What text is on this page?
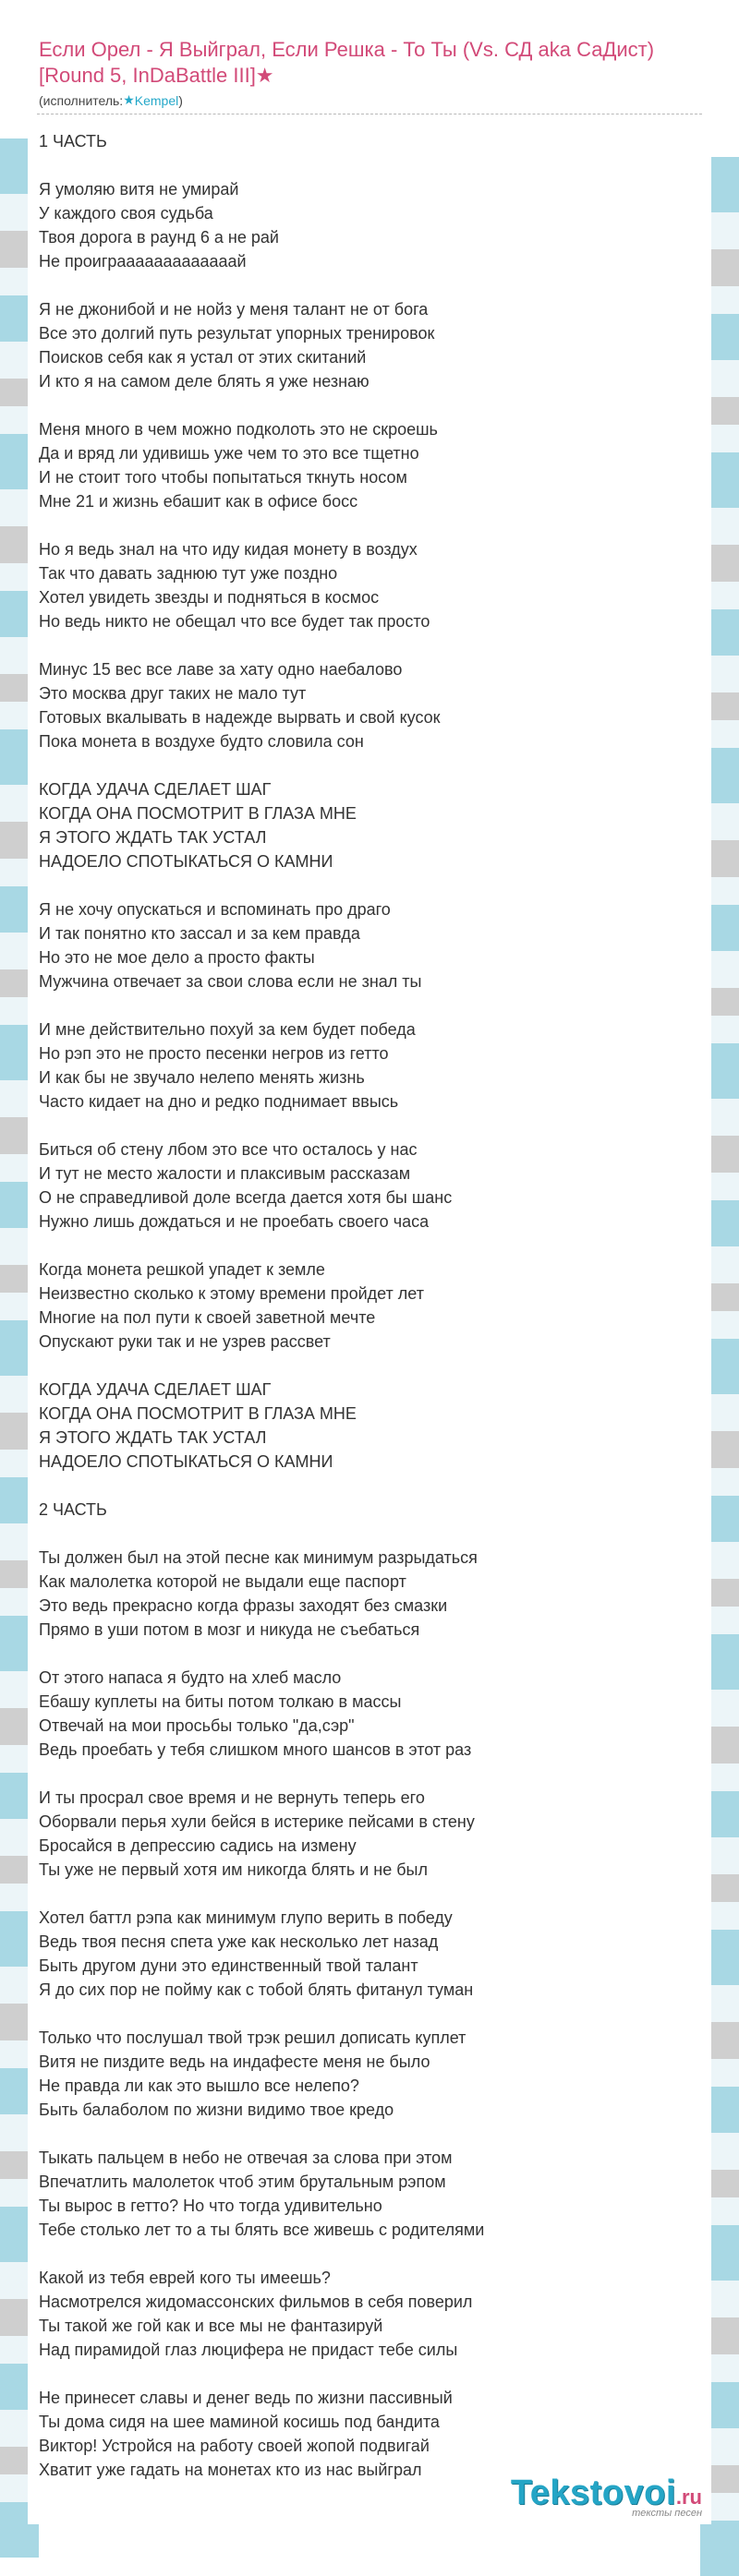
Если Орел - Я Выйграл, Если Решка - То Ты (Vs. СД aka СаДист) [Round 5, InDaBattle III]★
(исполнитель: ★ Kempel )
1 ЧАСТЬ
Я умоляю витя не умирай
У каждого своя судьба
Твоя дорога в раунд 6 а не рай
Не проиграаааааааааааай
Я не джонибой и не нойз у меня талант не от бога
Все это долгий путь результат упорных тренировок
Поисков себя как я устал от этих скитаний
И кто я на самом деле блять я уже незнаю
Меня много в чем можно подколоть это не скроешь
Да и вряд ли удивишь уже чем то это все тщетно
И не стоит того чтобы попытаться ткнуть носом
Мне 21 и жизнь ебашит как в офисе босс
Но я ведь знал на что иду кидая монету в воздух
Так что давать заднюю тут уже поздно
Хотел увидеть звезды и подняться в космос
Но ведь никто не обещал что все будет так просто
Минус 15 вес все лаве за хату одно наебалово
Это москва друг таких не мало тут
Готовых вкалывать в надежде вырвать и свой кусок
Пока монета в воздухе будто словила сон
КОГДА УДАЧА СДЕЛАЕТ ШАГ
КОГДА ОНА ПОСМОТРИТ В ГЛАЗА МНЕ
Я ЭТОГО ЖДАТЬ ТАК УСТАЛ
НАДОЕЛО СПОТЫКАТЬСЯ О КАМНИ
Я не хочу опускаться и вспоминать про драго
И так понятно кто зассал и за кем правда
Но это не мое дело а просто факты
Мужчина отвечает за свои слова если не знал ты
И мне действительно похуй за кем будет победа
Но рэп это не просто песенки негров из гетто
И как бы не звучало нелепо менять жизнь
Часто кидает на дно и редко поднимает ввысь
Биться об стену лбом это все что осталось у нас
И тут не место жалости и плаксивым рассказам
О не справедливой доле всегда дается хотя бы шанс
Нужно лишь дождаться и не проебать своего часа
Когда монета решкой упадет к земле
Неизвестно сколько к этому времени пройдет лет
Многие на пол пути к своей заветной мечте
Опускают руки так и не узрев рассвет
КОГДА УДАЧА СДЕЛАЕТ ШАГ
КОГДА ОНА ПОСМОТРИТ В ГЛАЗА МНЕ
Я ЭТОГО ЖДАТЬ ТАК УСТАЛ
НАДОЕЛО СПОТЫКАТЬСЯ О КАМНИ
2 ЧАСТЬ
Ты должен был на этой песне как минимум разрыдаться
Как малолетка которой не выдали еще паспорт
Это ведь прекрасно когда фразы заходят без смазки
Прямо в уши потом в мозг и никуда не съебаться
От этого напаса я будто на хлеб масло
Ебашу куплеты на биты потом толкаю в массы
Отвечай на мои просьбы только "да,сэр"
Ведь проебать у тебя слишком много шансов в этот раз
И ты просрал свое время и не вернуть теперь его
Оборвали перья хули бейся в истерике пейсами в стену
Бросайся в депрессию садись на измену
Ты уже не первый хотя им никогда блять и не был
Хотел баттл рэпа как минимум глупо верить в победу
Ведь твоя песня спета уже как несколько лет назад
Быть другом дуни это единственный твой талант
Я до сих пор не пойму как с тобой блять фитанул туман
Только что послушал твой трэк решил дописать куплет
Витя не пиздите ведь на индафесте меня не было
Не правда ли как это вышло все нелепо?
Быть балаболом по жизни видимо твое кредо
Тыкать пальцем в небо не отвечая за слова при этом
Впечатлить малолеток чтоб этим брутальным рэпом
Ты вырос в гетто? Но что тогда удивительно
Тебе столько лет то а ты блять все живешь с родителями
Какой из тебя еврей кого ты имеешь?
Насмотрелся жидомассонских фильмов в себя поверил
Ты такой же гой как и все мы не фантазируй
Над пирамидой глаз люцифера не придаст тебе силы
Не принесет славы и денег ведь по жизни пассивный
Ты дома сидя на шее маминой косишь под бандита
Виктор! Устройся на работу своей жопой подвигай
Хватит уже гадать на монетах кто из нас выйграл
Tekstovoi.ru
тексты песен
